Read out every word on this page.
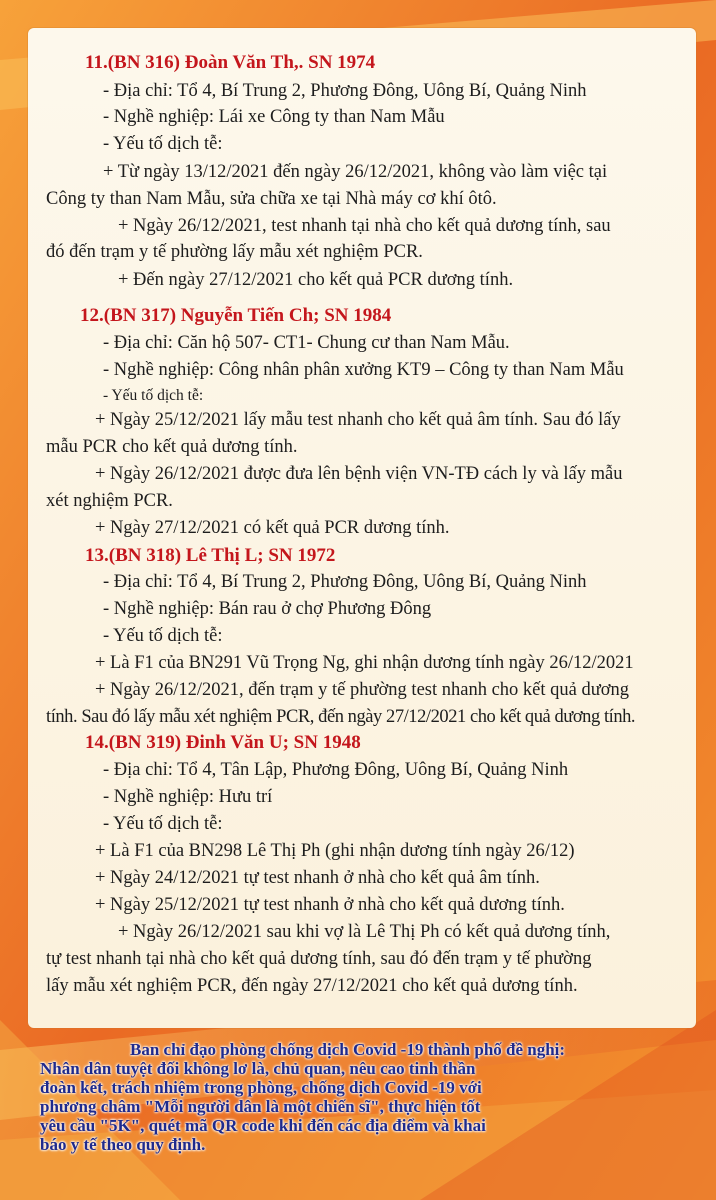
11.(BN 316) Đoàn Văn Th,. SN 1974
- Địa chỉ: Tổ 4, Bí Trung 2, Phương Đông, Uông Bí, Quảng Ninh
- Nghề nghiệp: Lái xe Công ty than Nam Mẫu
- Yếu tố dịch tễ:
+ Từ ngày 13/12/2021 đến ngày 26/12/2021, không vào làm việc tại
Công ty than Nam Mẫu, sửa chữa xe tại Nhà máy cơ khí ôtô.
+ Ngày 26/12/2021, test nhanh tại nhà cho kết quả dương tính, sau
đó đến trạm y tế phường lấy mẫu xét nghiệm PCR.
+ Đến ngày 27/12/2021 cho kết quả PCR dương tính.
12.(BN 317) Nguyễn Tiến Ch; SN 1984
- Địa chỉ: Căn hộ 507- CT1- Chung cư than Nam Mẫu.
- Nghề nghiệp: Công nhân phân xưởng KT9 – Công ty than Nam Mẫu
- Yếu tố dịch tễ:
+ Ngày 25/12/2021 lấy mẫu test nhanh cho kết quả âm tính. Sau đó lấy
mẫu PCR cho kết quả dương tính.
+ Ngày 26/12/2021 được đưa lên bệnh viện VN-TĐ cách ly và lấy mẫu
xét nghiệm PCR.
+ Ngày 27/12/2021 có kết quả PCR dương tính.
13.(BN 318) Lê Thị L; SN 1972
- Địa chỉ: Tổ 4, Bí Trung 2, Phương Đông, Uông Bí, Quảng Ninh
- Nghề nghiệp: Bán rau ở chợ Phương Đông
- Yếu tố dịch tễ:
+ Là F1 của BN291 Vũ Trọng Ng, ghi nhận dương tính ngày 26/12/2021
+ Ngày 26/12/2021, đến trạm y tế phường test nhanh cho kết quả dương
tính. Sau đó lấy mẫu xét nghiệm PCR, đến ngày 27/12/2021 cho kết quả dương tính.
14.(BN 319) Đinh Văn U; SN 1948
- Địa chỉ: Tổ 4, Tân Lập, Phương Đông, Uông Bí, Quảng Ninh
- Nghề nghiệp: Hưu trí
- Yếu tố dịch tễ:
+ Là F1 của BN298 Lê Thị Ph (ghi nhận dương tính ngày 26/12)
+ Ngày 24/12/2021 tự test nhanh ở nhà cho kết quả âm tính.
+ Ngày 25/12/2021 tự test nhanh ở nhà cho kết quả dương tính.
+ Ngày 26/12/2021 sau khi vợ là Lê Thị Ph có kết quả dương tính,
tự test nhanh tại nhà cho kết quả dương tính, sau đó đến trạm y tế phường
lấy mẫu xét nghiệm PCR, đến ngày 27/12/2021 cho kết quả dương tính.
Ban chỉ đạo phòng chống dịch Covid -19 thành phố đề nghị:
Nhân dân tuyệt đối không lơ là, chủ quan, nêu cao tinh thần
đoàn kết, trách nhiệm trong phòng, chống dịch Covid -19 với
phương châm "Mỗi người dân là một chiến sĩ", thực hiện tốt
yêu cầu "5K", quét mã QR code khi đến các địa điểm và khai
báo y tế theo quy định.
